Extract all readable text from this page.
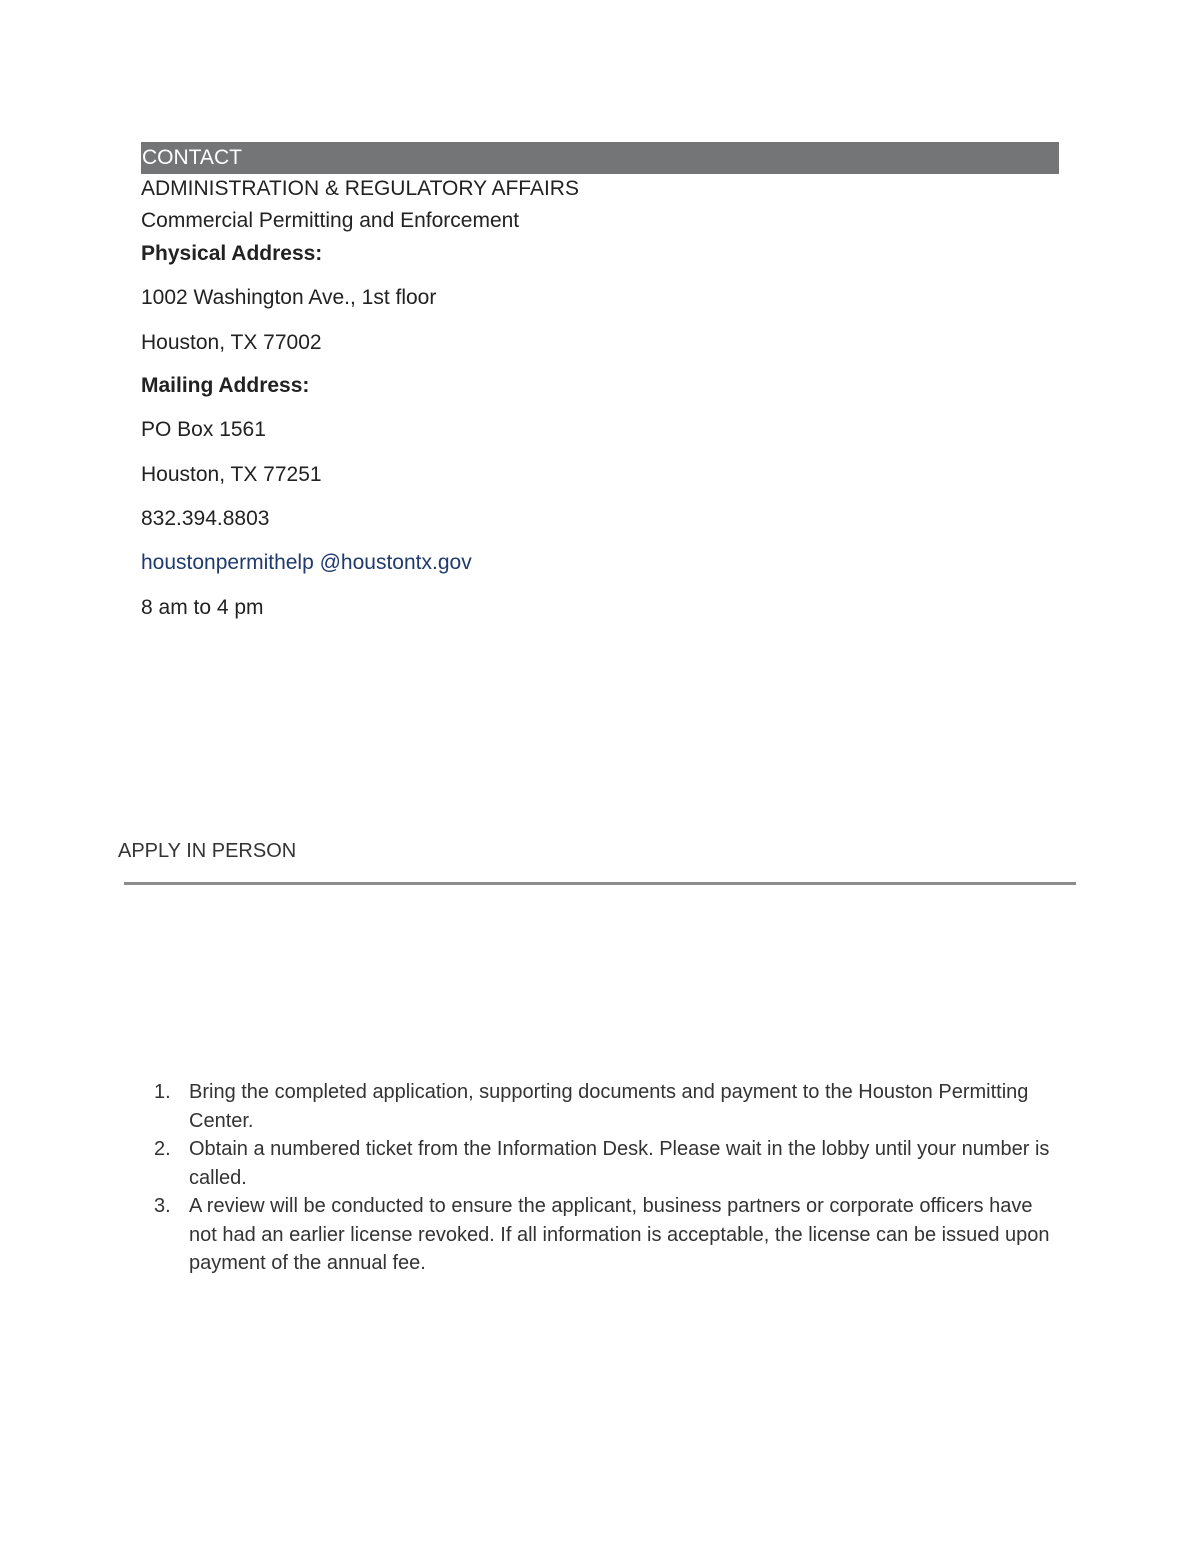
CONTACT
ADMINISTRATION & REGULATORY AFFAIRS
Commercial Permitting and Enforcement
Physical Address:
1002 Washington Ave., 1st floor
Houston, TX 77002
Mailing Address:
PO Box 1561
Houston, TX 77251
832.394.8803
houstonpermithelp @houstontx.gov
8 am to 4 pm
APPLY IN PERSON
1. Bring the completed application, supporting documents and payment to the Houston Permitting Center.
2. Obtain a numbered ticket from the Information Desk. Please wait in the lobby until your number is called.
3. A review will be conducted to ensure the applicant, business partners or corporate officers have not had an earlier license revoked. If all information is acceptable, the license can be issued upon payment of the annual fee.
